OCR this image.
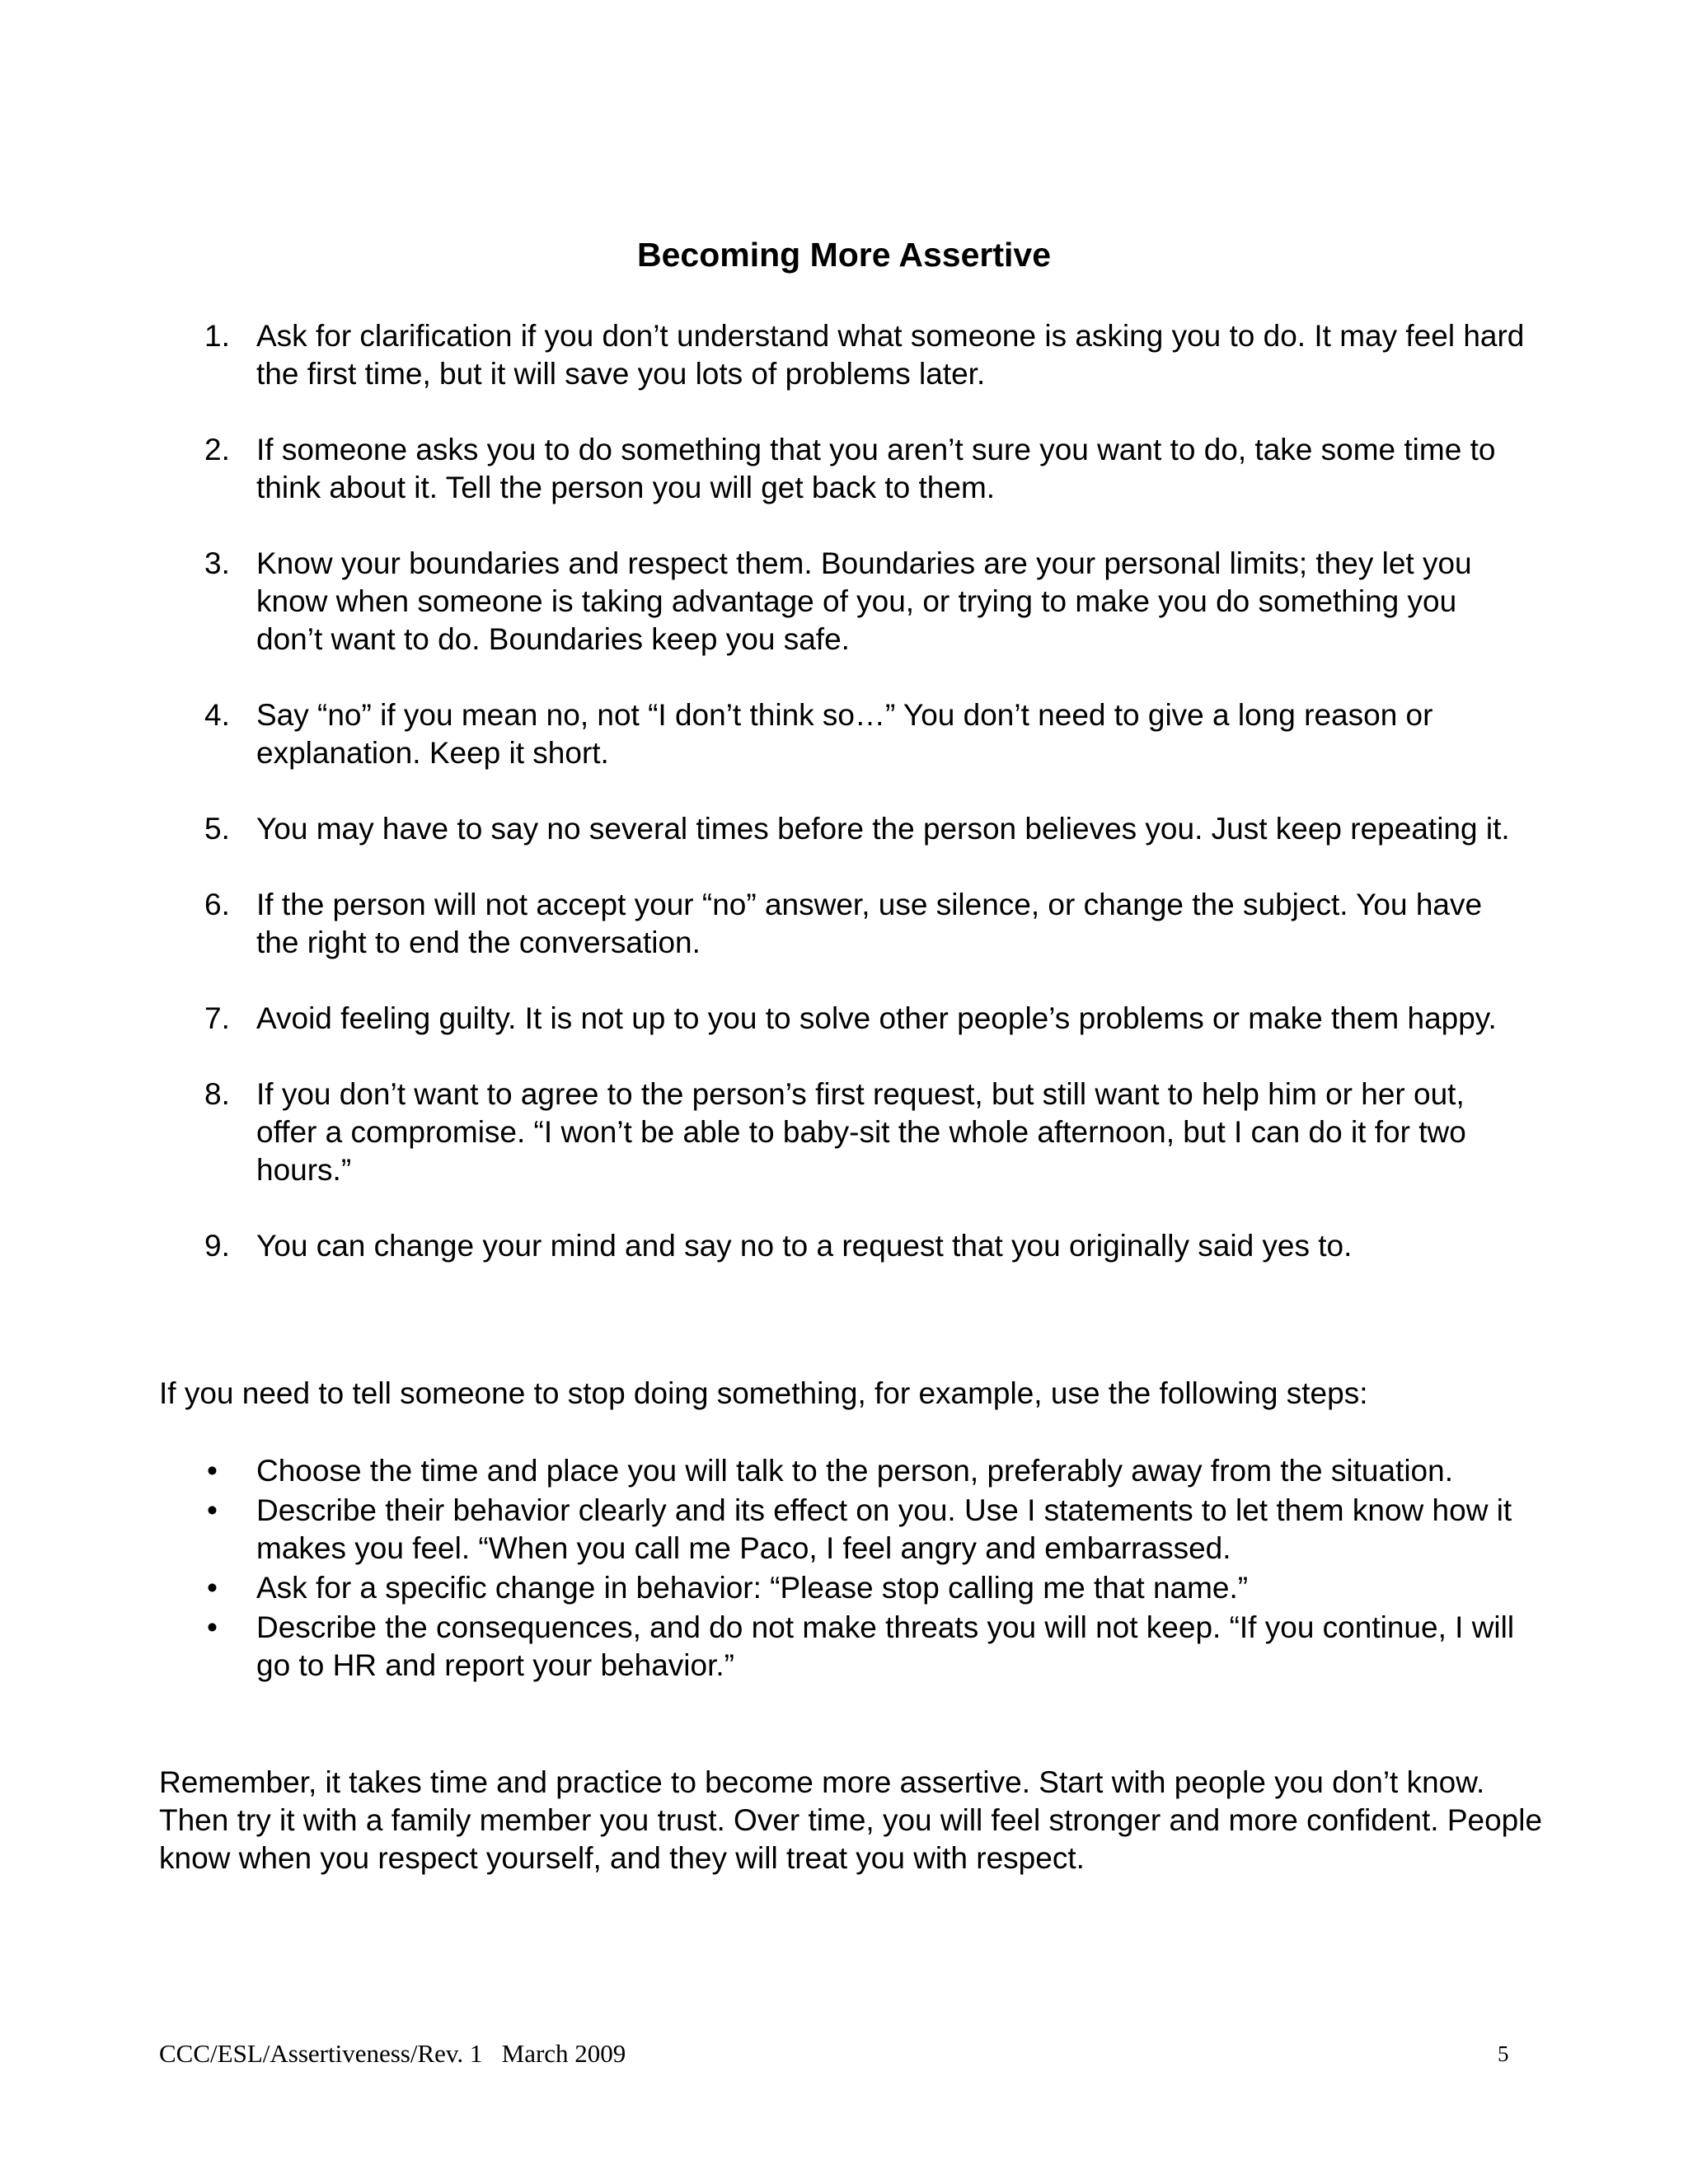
Becoming More Assertive
1. Ask for clarification if you don’t understand what someone is asking you to do. It may feel hard the first time, but it will save you lots of problems later.
2. If someone asks you to do something that you aren’t sure you want to do, take some time to think about it. Tell the person you will get back to them.
3. Know your boundaries and respect them. Boundaries are your personal limits; they let you know when someone is taking advantage of you, or trying to make you do something you don’t want to do. Boundaries keep you safe.
4. Say “no” if you mean no, not “I don’t think so…” You don’t need to give a long reason or explanation. Keep it short.
5. You may have to say no several times before the person believes you. Just keep repeating it.
6. If the person will not accept your “no” answer, use silence, or change the subject. You have the right to end the conversation.
7. Avoid feeling guilty. It is not up to you to solve other people’s problems or make them happy.
8. If you don’t want to agree to the person’s first request, but still want to help him or her out, offer a compromise. “I won’t be able to baby-sit the whole afternoon, but I can do it for two hours.”
9. You can change your mind and say no to a request that you originally said yes to.

If you need to tell someone to stop doing something, for example, use the following steps:

• Choose the time and place you will talk to the person, preferably away from the situation.
• Describe their behavior clearly and its effect on you. Use I statements to let them know how it makes you feel. “When you call me Paco, I feel angry and embarrassed.
• Ask for a specific change in behavior: “Please stop calling me that name.”
• Describe the consequences, and do not make threats you will not keep. “If you continue, I will go to HR and report your behavior.”

Remember, it takes time and practice to become more assertive. Start with people you don’t know. Then try it with a family member you trust. Over time, you will feel stronger and more confident. People know when you respect yourself, and they will treat you with respect.

CCC/ESL/Assertiveness/Rev. 1   March 2009	5
